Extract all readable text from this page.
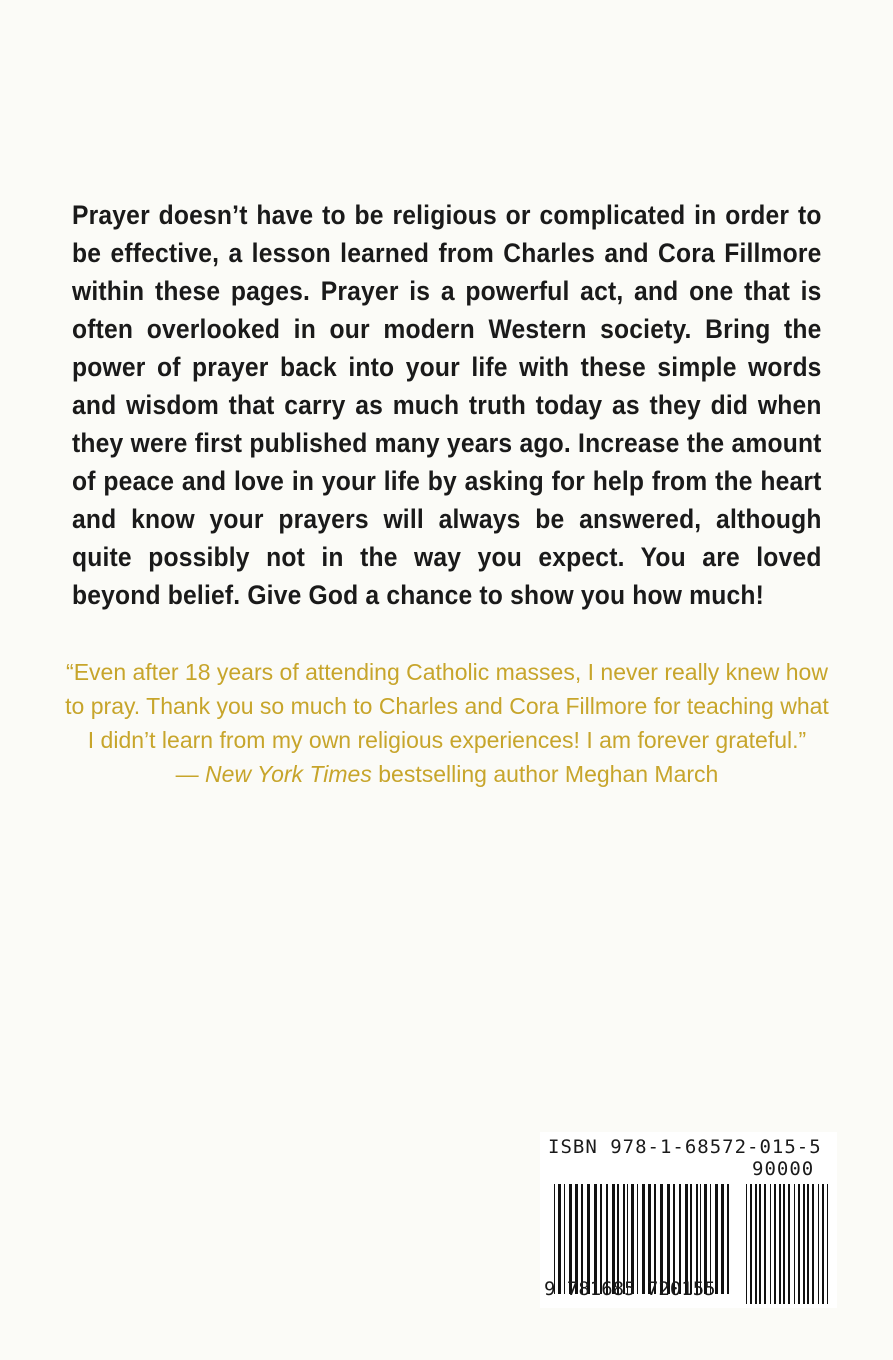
Prayer doesn’t have to be religious or complicated in order to be effective, a lesson learned from Charles and Cora Fillmore within these pages. Prayer is a powerful act, and one that is often overlooked in our modern Western society. Bring the power of prayer back into your life with these simple words and wisdom that carry as much truth today as they did when they were first published many years ago. Increase the amount of peace and love in your life by asking for help from the heart and know your prayers will always be answered, although quite possibly not in the way you expect. You are loved beyond belief. Give God a chance to show you how much!
“Even after 18 years of attending Catholic masses, I never really knew how to pray. Thank you so much to Charles and Cora Fillmore for teaching what I didn’t learn from my own religious experiences! I am forever grateful.”
— New York Times bestselling author Meghan March
ISBN 978-1-68572-015-5
90000
9 781685 720155
